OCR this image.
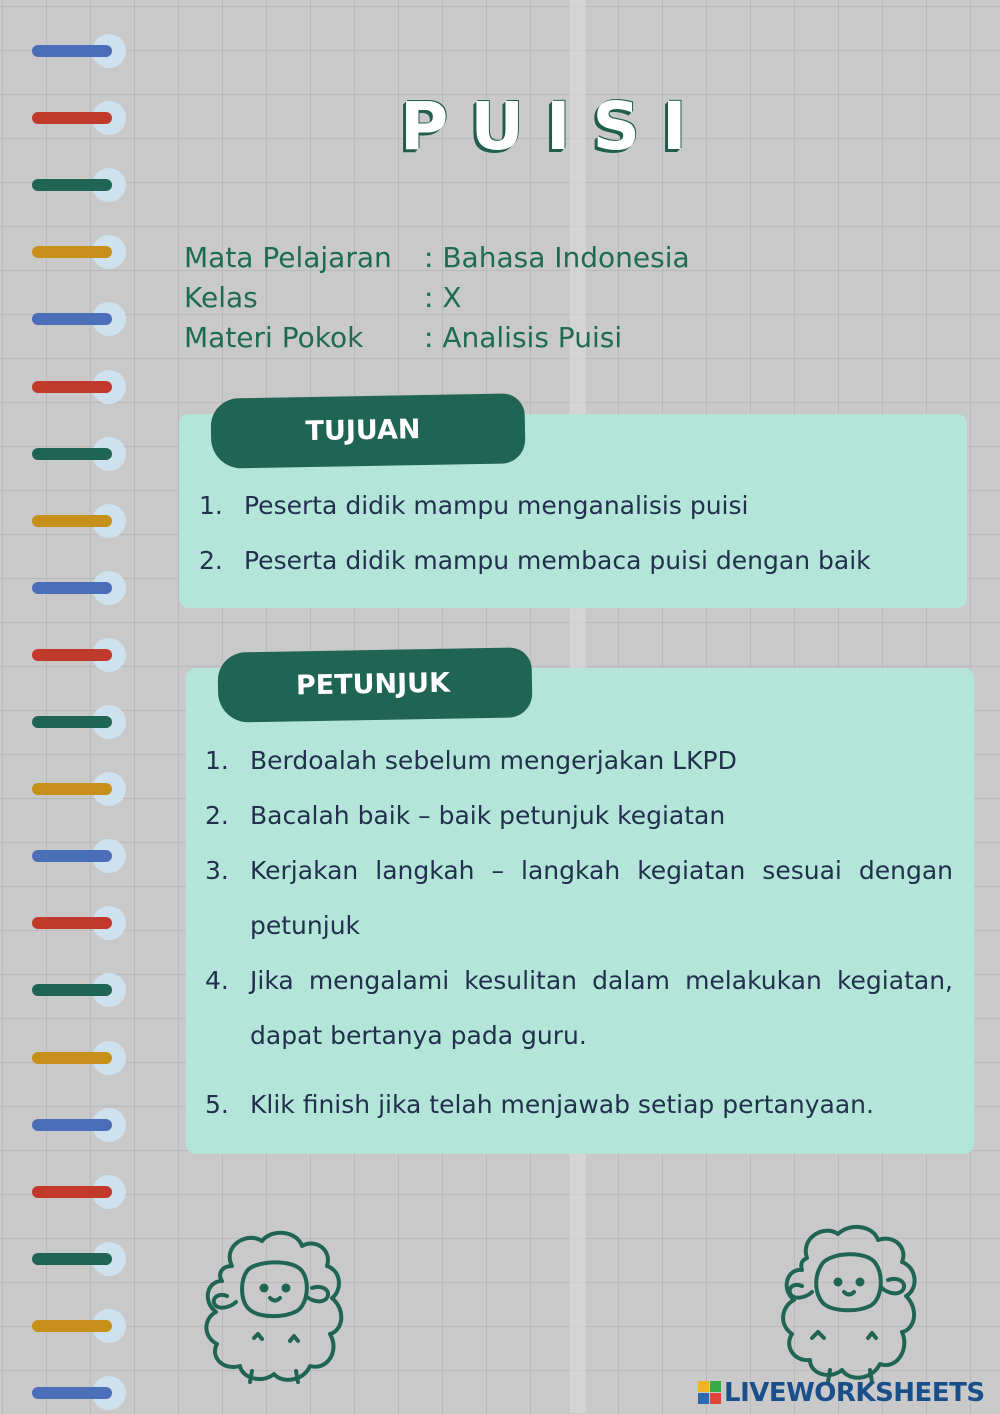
PUISI
Mata Pelajaran	: Bahasa Indonesia
Kelas	: X
Materi Pokok	: Analisis Puisi
TUJUAN
1. Peserta didik mampu menganalisis puisi
2. Peserta didik mampu membaca puisi dengan baik
PETUNJUK
1. Berdoalah sebelum mengerjakan LKPD
2. Bacalah baik – baik petunjuk kegiatan
3. Kerjakan langkah – langkah kegiatan sesuai dengan petunjuk
4. Jika mengalami kesulitan dalam melakukan kegiatan, dapat bertanya pada guru.
5. Klik finish jika telah menjawab setiap pertanyaan.
LIVEWORKSHEETS
